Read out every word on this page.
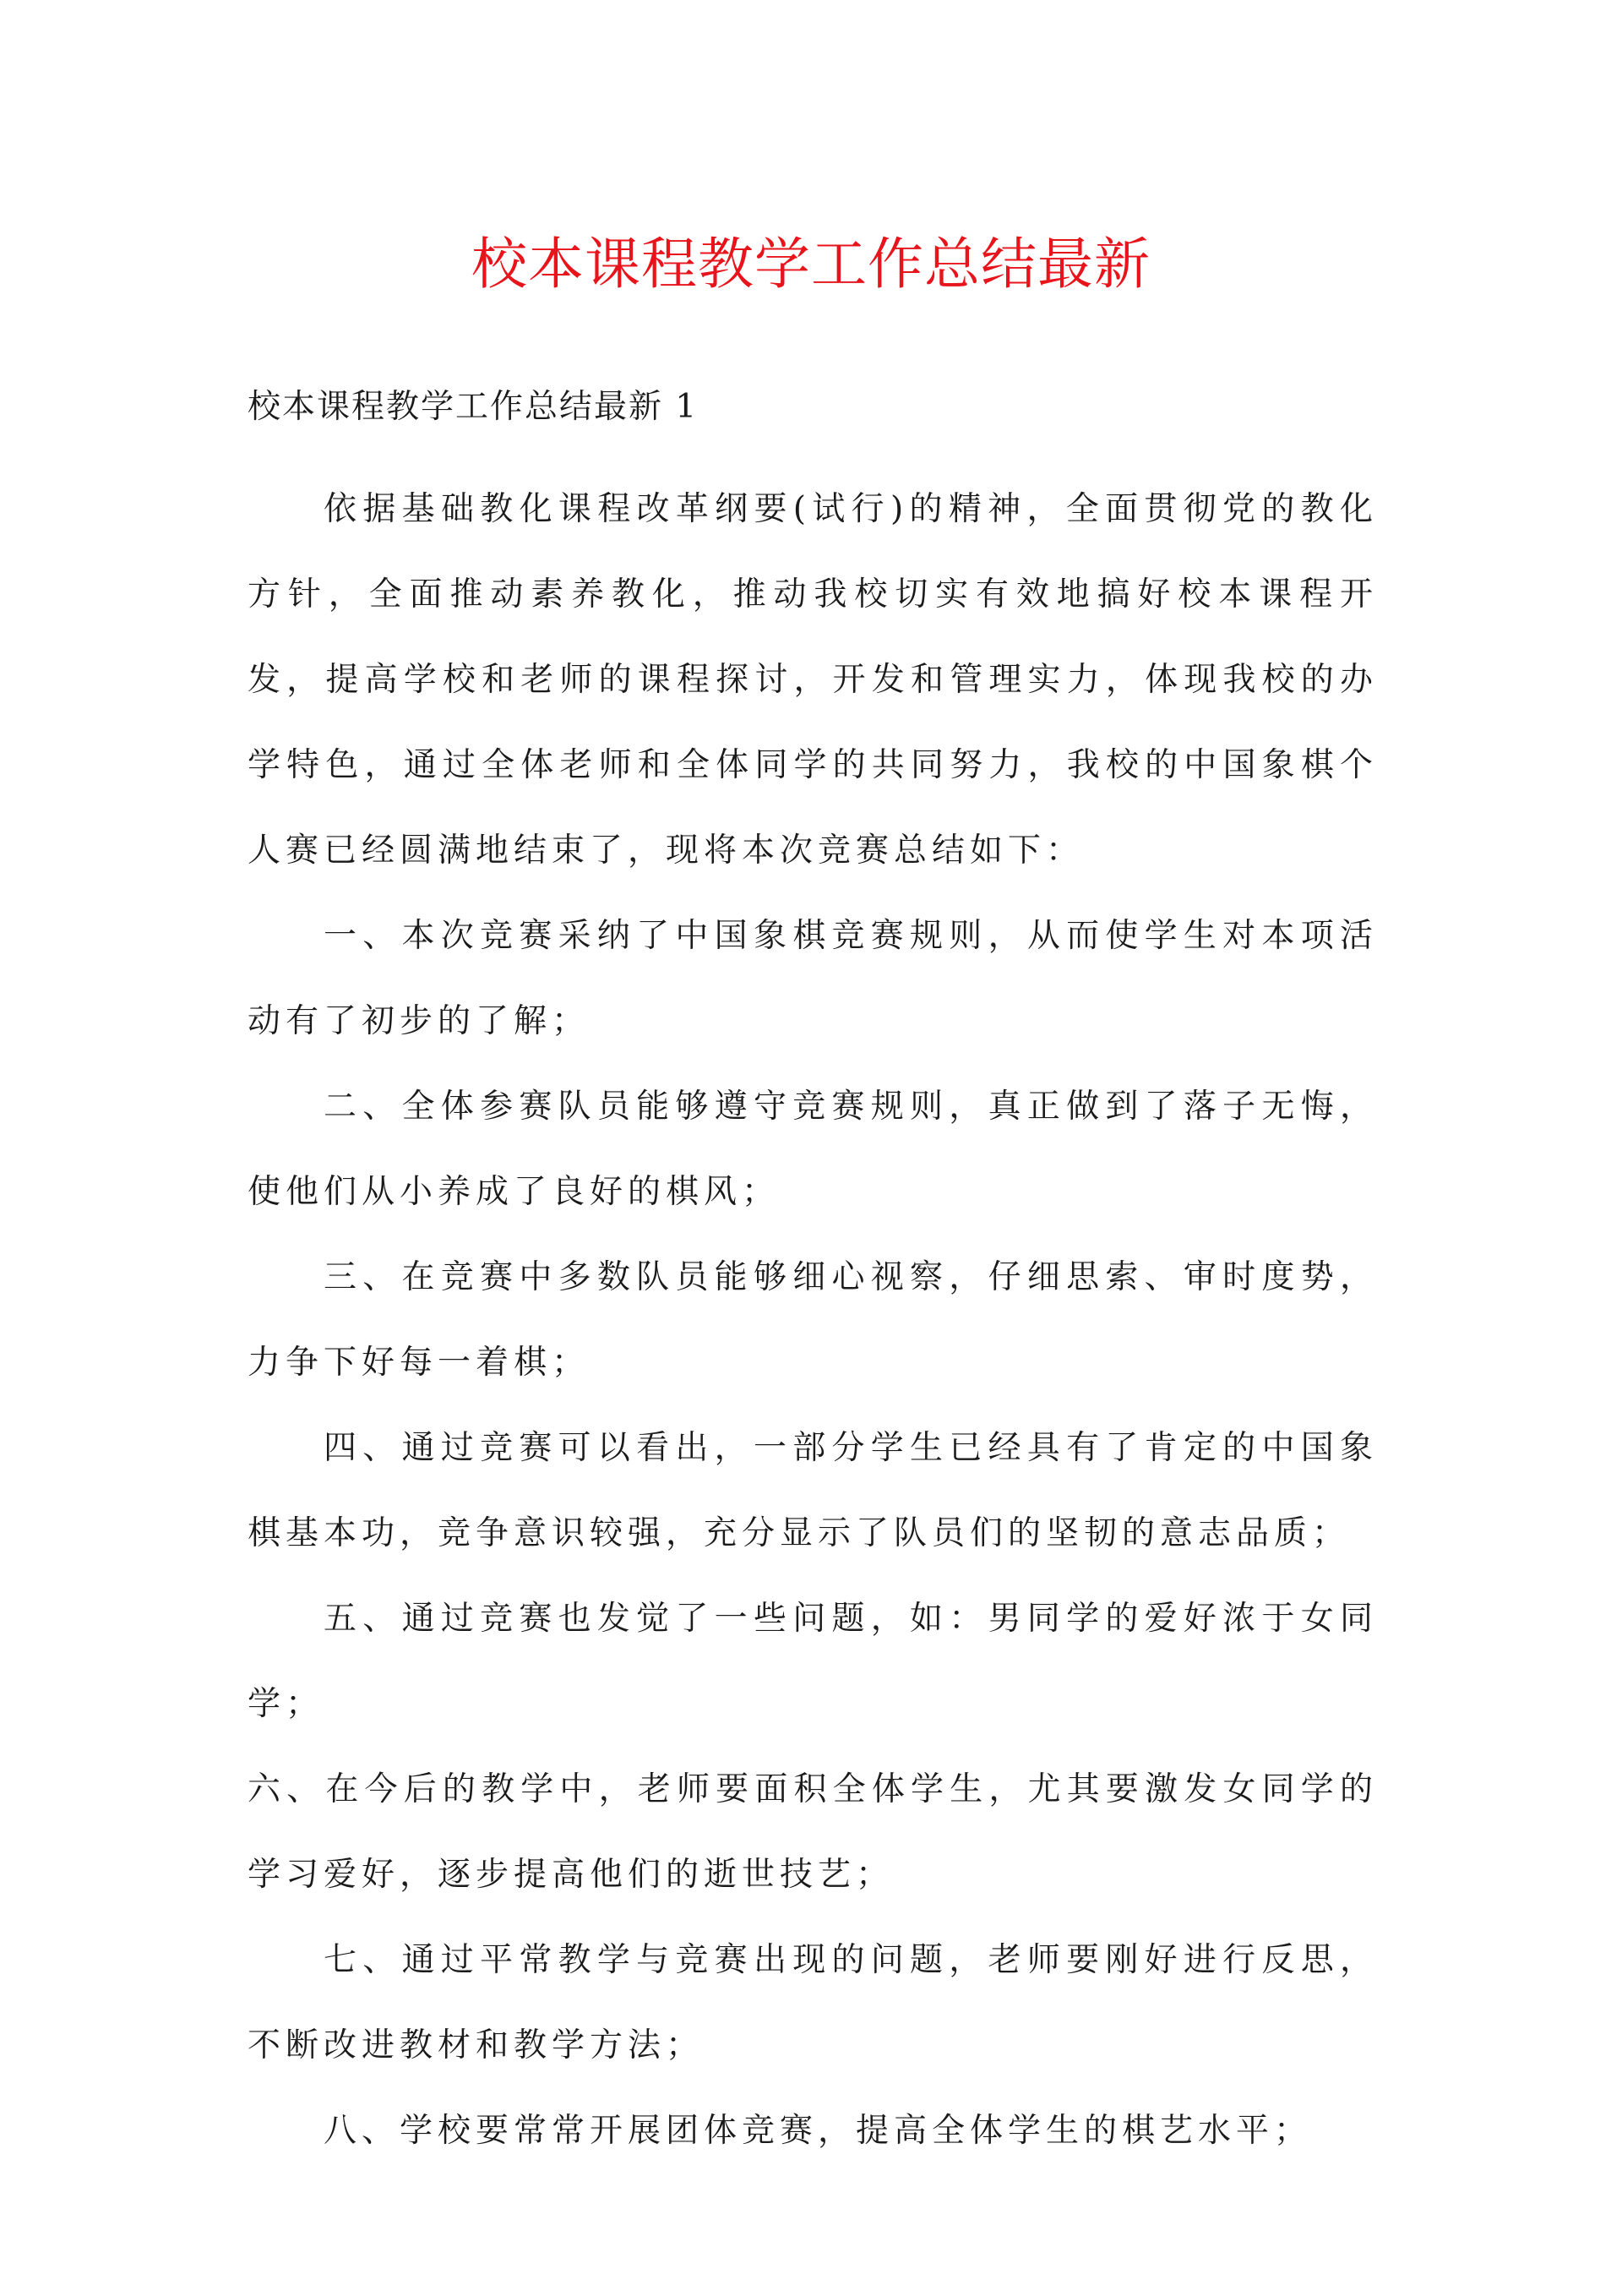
校本课程教学工作总结最新

校本课程教学工作总结最新 1

依据基础教化课程改革纲要(试行)的精神，全面贯彻党的教化方针，全面推动素养教化，推动我校切实有效地搞好校本课程开发，提高学校和老师的课程探讨，开发和管理实力，体现我校的办学特色，通过全体老师和全体同学的共同努力，我校的中国象棋个人赛已经圆满地结束了，现将本次竞赛总结如下：

一、本次竞赛采纳了中国象棋竞赛规则，从而使学生对本项活动有了初步的了解；

二、全体参赛队员能够遵守竞赛规则，真正做到了落子无悔，使他们从小养成了良好的棋风；

三、在竞赛中多数队员能够细心视察，仔细思索、审时度势，力争下好每一着棋；

四、通过竞赛可以看出，一部分学生已经具有了肯定的中国象棋基本功，竞争意识较强，充分显示了队员们的坚韧的意志品质；

五、通过竞赛也发觉了一些问题，如：男同学的爱好浓于女同学；

六、在今后的教学中，老师要面积全体学生，尤其要激发女同学的学习爱好，逐步提高他们的逝世技艺；

七、通过平常教学与竞赛出现的问题，老师要刚好进行反思，不断改进教材和教学方法；

八、学校要常常开展团体竞赛，提高全体学生的棋艺水平；
